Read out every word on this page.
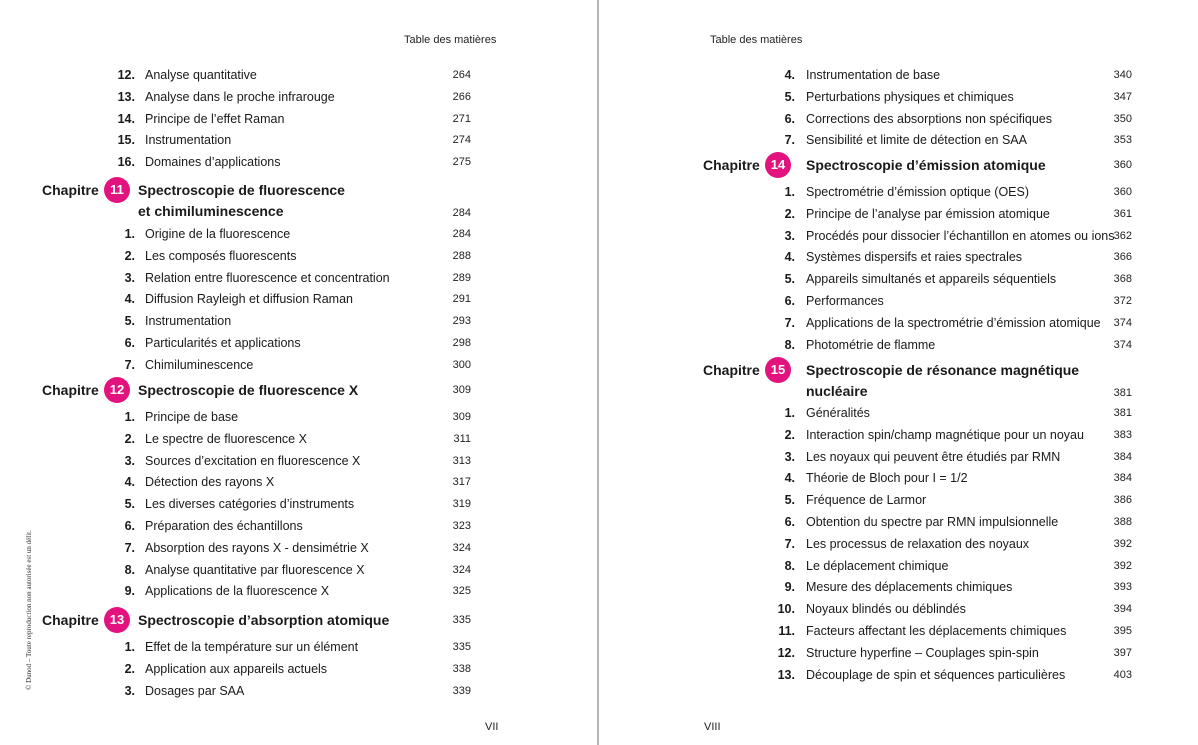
Table des matières
© Dunod – Toute reproduction non autorisée est un délit.
VII
12. Analyse quantitative	264
13. Analyse dans le proche infrarouge	266
14. Principe de l’effet Raman	271
15. Instrumentation	274
16. Domaines d’applications	275
Chapitre 11	Spectroscopie de fluorescence
et chimiluminescence	284
1. Origine de la fluorescence	284
2. Les composés fluorescents	288
3. Relation entre fluorescence et concentration	289
4. Diffusion Rayleigh et diffusion Raman	291
5. Instrumentation	293
6. Particularités et applications	298
7. Chimiluminescence	300
Chapitre 12 Spectroscopie de fluorescence X	309
1. Principe de base	309
2. Le spectre de fluorescence X	311
3. Sources d’excitation en fluorescence X	313
4. Détection des rayons X	317
5. Les diverses catégories d’instruments	319
6. Préparation des échantillons	323
7. Absorption des rayons X - densimétrie X	324
8. Analyse quantitative par fluorescence X	324
9. Applications de la fluorescence X	325
Chapitre 13 Spectroscopie d’absorption atomique	335
1. Effet de la température sur un élément	335
2. Application aux appareils actuels	338
3. Dosages par SAA	339
Table des matières
VIII
4. Instrumentation de base	340
5. Perturbations physiques et chimiques	347
6. Corrections des absorptions non spécifiques	350
7. Sensibilité et limite de détection en SAA	353
Chapitre 14	Spectroscopie d’émission atomique	360
1. Spectrométrie d’émission optique (OES)	360
2. Principe de l’analyse par émission atomique	361
3. Procédés pour dissocier l’échantillon en atomes ou ions 362
4. Systèmes dispersifs et raies spectrales	366
5. Appareils simultanés et appareils séquentiels	368
6. Performances	372
7. Applications de la spectrométrie d’émission atomique	374
8. Photométrie de flamme	374
Chapitre 15	Spectroscopie de résonance magnétique
nucléaire	381
1. Généralités	381
2. Interaction spin/champ magnétique pour un noyau	383
3. Les noyaux qui peuvent être étudiés par RMN	384
4. Théorie de Bloch pour I = 1/2	384
5. Fréquence de Larmor	386
6. Obtention du spectre par RMN impulsionnelle	388
7. Les processus de relaxation des noyaux	392
8. Le déplacement chimique	392
9. Mesure des déplacements chimiques	393
10. Noyaux blindés ou déblindés	394
11. Facteurs affectant les déplacements chimiques	395
12. Structure hyperfine – Couplages spin-spin	397
13. Découplage de spin et séquences particulières	403
